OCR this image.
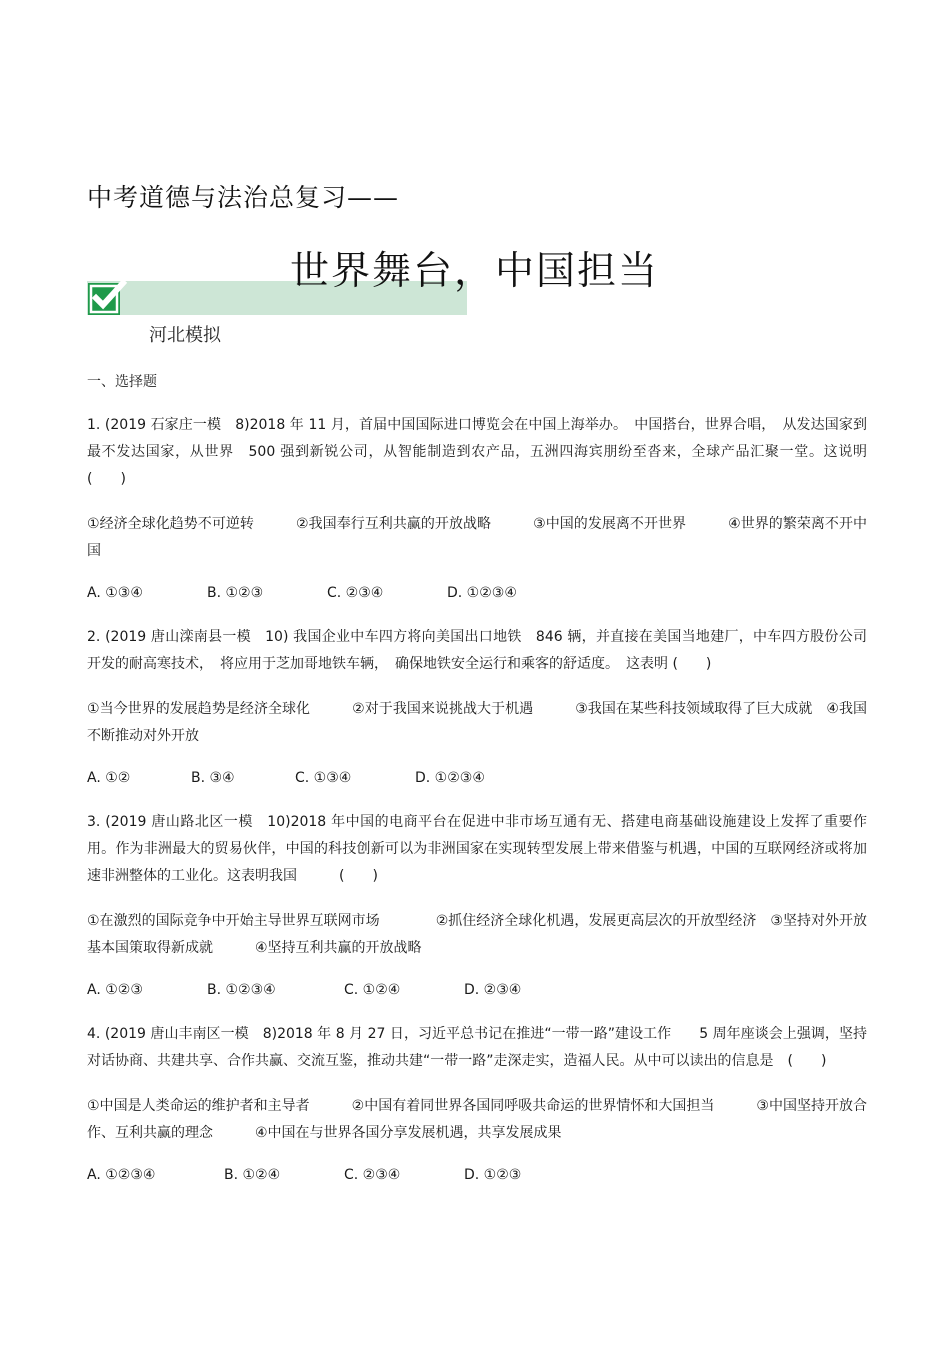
中考道德与法治总复习——
世界舞台，中国担当
河北模拟
一、选择题
1. (2019 石家庄一模　8)2018 年 11 月，首届中国国际进口博览会在中国上海举办。　中国搭台，世界合唱，　从发达国家到最不发达国家，从世界　500 强到新锐公司，从智能制造到农产品，五洲四海宾朋纷至沓来，全球产品汇聚一堂。这说明　(　　)
①经济全球化趋势不可逆转　　　②我国奉行互利共赢的开放战略　　　③中国的发展离不开世界　　　④世界的繁荣离不开中国
A. ①③④	B. ①②③	C. ②③④	D. ①②③④
2. (2019 唐山滦南县一模　10) 我国企业中车四方将向美国出口地铁　846 辆，并直接在美国当地建厂，中车四方股份公司开发的耐高寒技术，　将应用于芝加哥地铁车辆，　确保地铁安全运行和乘客的舒适度。　这表明 (　　)
①当今世界的发展趋势是经济全球化　　　②对于我国来说挑战大于机遇　　　③我国在某些科技领域取得了巨大成就　④我国不断推动对外开放
A. ①②	B. ③④	C. ①③④	D. ①②③④
3. (2019 唐山路北区一模　10)2018 年中国的电商平台在促进中非市场互通有无、搭建电商基础设施建设上发挥了重要作用。作为非洲最大的贸易伙伴，中国的科技创新可以为非洲国家在实现转型发展上带来借鉴与机遇，中国的互联网经济或将加速非洲整体的工业化。这表明我国　　　(　　)
①在激烈的国际竞争中开始主导世界互联网市场　　　　②抓住经济全球化机遇，发展更高层次的开放型经济　③坚持对外开放基本国策取得新成就　　　④坚持互利共赢的开放战略
A. ①②③	B. ①②③④	C. ①②④	D. ②③④
4. (2019 唐山丰南区一模　8)2018 年 8 月 27 日，习近平总书记在推进“一带一路”建设工作　　5 周年座谈会上强调，坚持对话协商、共建共享、合作共赢、交流互鉴，推动共建“一带一路”走深走实，造福人民。从中可以读出的信息是　(　　)
①中国是人类命运的维护者和主导者　　　②中国有着同世界各国同呼吸共命运的世界情怀和大国担当　　　③中国坚持开放合作、互利共赢的理念　　　④中国在与世界各国分享发展机遇，共享发展成果
A. ①②③④	B. ①②④	C. ②③④	D. ①②③
